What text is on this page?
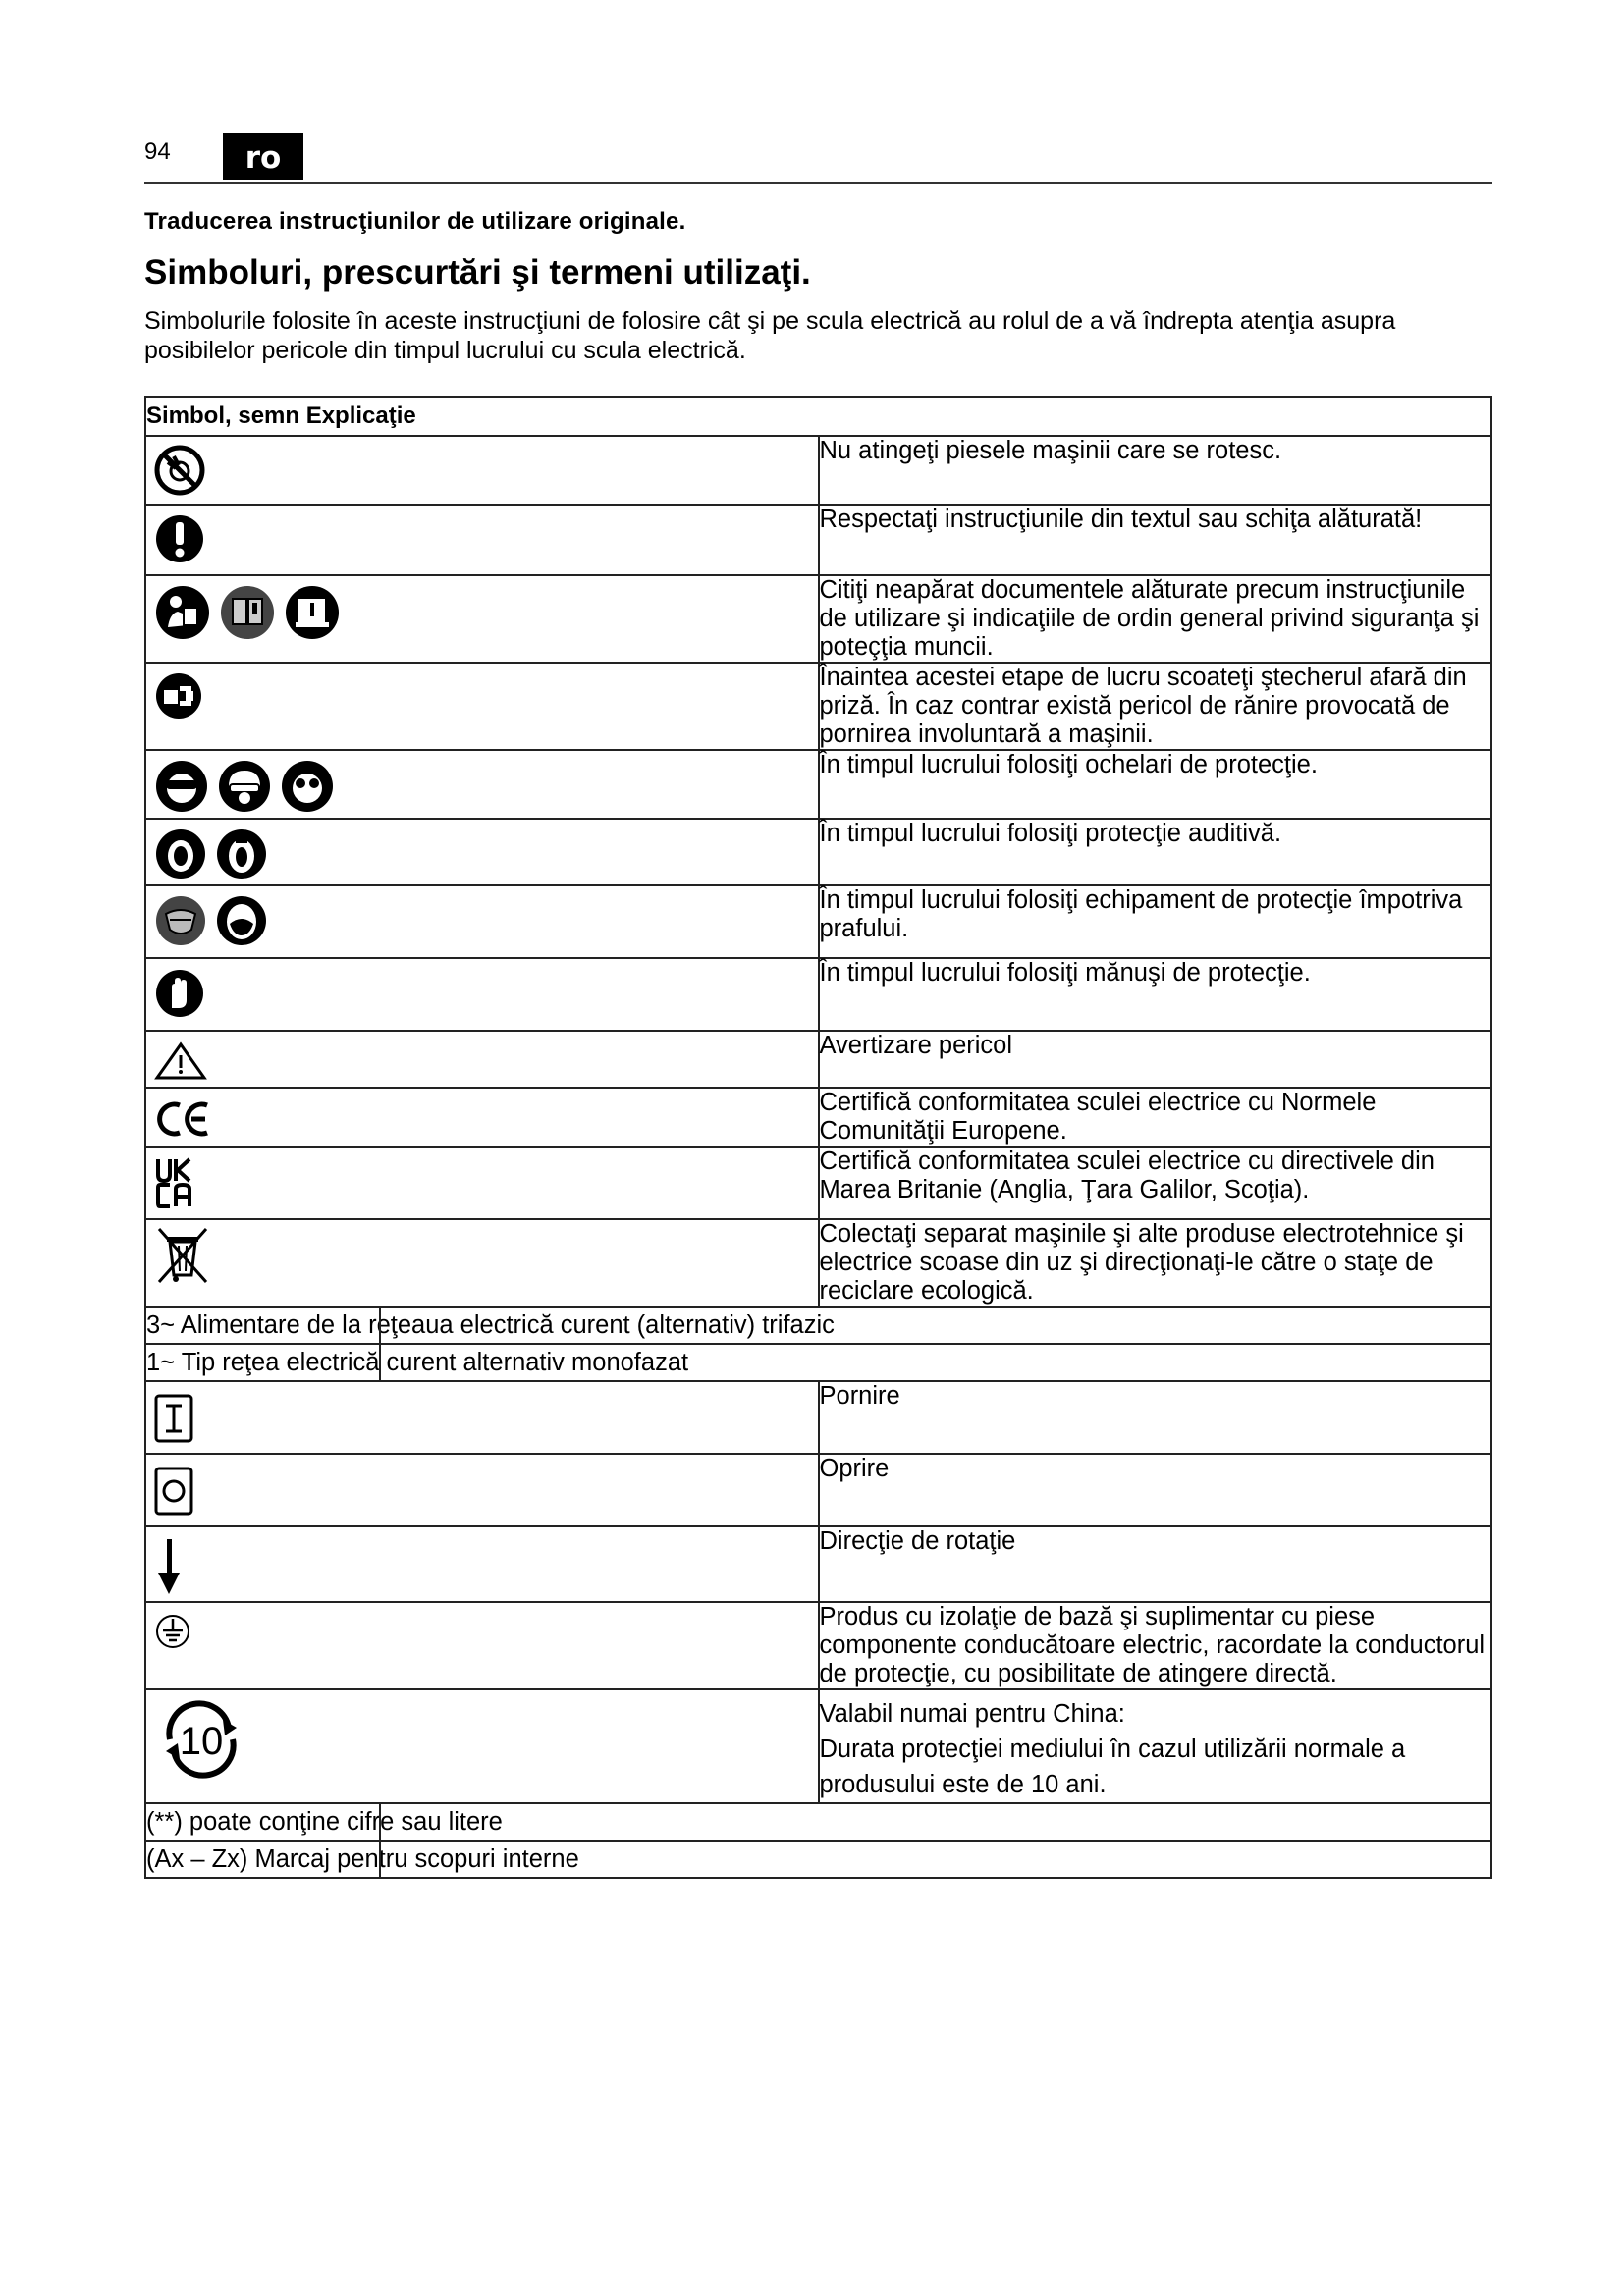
94	ro
Traducerea instrucţiunilor de utilizare originale.
Simboluri, prescurtări şi termeni utilizaţi.

Simbolurile folosite în aceste instrucţiuni de folosire cât şi pe scula electrică au rolul de a vă îndrepta atenţia asupra posibilelor pericole din timpul lucrului cu scula electrică.

Simbol, semn Explicaţie	

	Nu atingeţi piesele maşinii care se rotesc.

	Respectaţi instrucţiunile din textul sau schiţa alăturată!

	Citiţi neapărat documentele alăturate precum instrucţiunile de utilizare şi indicaţiile de ordin general privind siguranţa şi poteçţia muncii.

	Înaintea acestei etape de lucru scoateţi ştecherul afară din priză. În caz contrar există pericol de rănire provocată de pornirea involuntară a maşinii.

	În timpul lucrului folosiţi ochelari de protecţie.

	În timpul lucrului folosiţi protecţie auditivă.

	În timpul lucrului folosiţi echipament de protecţie împotriva prafului.

	În timpul lucrului folosiţi mănuşi de protecţie.

	Avertizare pericol

	Certifică conformitatea sculei electrice cu Normele Comunităţii Europene.

	Certifică conformitatea sculei electrice cu directivele din Marea Britanie (Anglia, Ţara Galilor, Scoţia).

	Colectaţi separat maşinile şi alte produse electrotehnice şi electrice scoase din uz şi direcţionaţi-le către o staţe de reciclare ecologică.

3~ Alimentare de la reţeaua electrică curent (alternativ) trifazic	

1~ Tip reţea electrică curent alternativ monofazat	

	Pornire

	Oprire

	Direcţie de rotaţie

	Produs cu izolaţie de bază şi suplimentar cu piese componente conducătoare electric, racordate la conductorul de protecţie, cu posibilitate de atingere directă.

10	Valabil numai pentru China:
Durata protecţiei mediului în cazul utilizării normale a produsului este de 10 ani.

(**) poate conţine cifre sau litere	

(Ax – Zx) Marcaj pentru scopuri interne	
